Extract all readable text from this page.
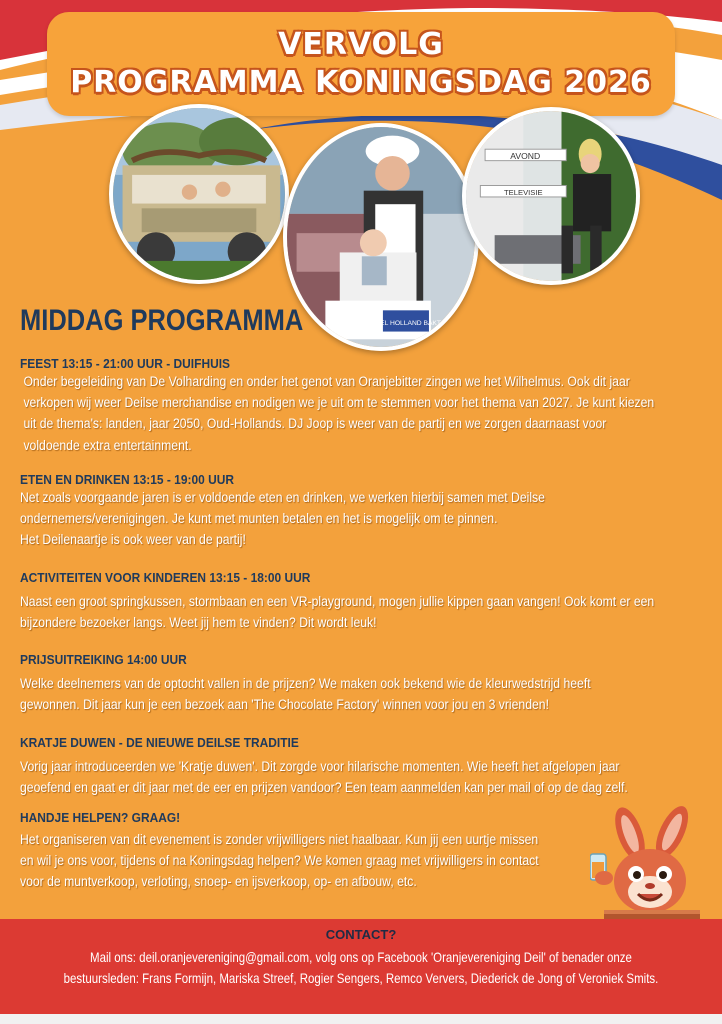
VERVOLG
PROGRAMMA KONINGSDAG 2026
HEEL HOLLAND BAKT
AVOND
TELEVISIE
MIDDAG PROGRAMMA
FEEST 13:15 - 21:00 UUR - DUIFHUIS
Onder begeleiding van De Volharding en onder het genot van Oranjebitter zingen we het Wilhelmus. Ook dit jaar
verkopen wij weer Deilse merchandise en nodigen we je uit om te stemmen voor het thema van 2027. Je kunt kiezen
uit de thema's: landen, jaar 2050, Oud-Hollands. DJ Joop is weer van de partij en we zorgen daarnaast voor
voldoende extra entertainment.
ETEN EN DRINKEN 13:15 - 19:00 UUR
Net zoals voorgaande jaren is er voldoende eten en drinken, we werken hierbij samen met Deilse
ondernemers/verenigingen. Je kunt met munten betalen en het is mogelijk om te pinnen.
Het Deilenaartje is ook weer van de partij!
ACTIVITEITEN VOOR KINDEREN 13:15 - 18:00 UUR
Naast een groot springkussen, stormbaan en een VR-playground, mogen jullie kippen gaan vangen! Ook komt er een
bijzondere bezoeker langs. Weet jij hem te vinden? Dit wordt leuk!
PRIJSUITREIKING 14:00 UUR
Welke deelnemers van de optocht vallen in de prijzen? We maken ook bekend wie de kleurwedstrijd heeft
gewonnen. Dit jaar kun je een bezoek aan 'The Chocolate Factory' winnen voor jou en 3 vrienden!
KRATJE DUWEN - DE NIEUWE DEILSE TRADITIE
Vorig jaar introduceerden we 'Kratje duwen'. Dit zorgde voor hilarische momenten. Wie heeft het afgelopen jaar
geoefend en gaat er dit jaar met de eer en prijzen vandoor? Een team aanmelden kan per mail of op de dag zelf.
HANDJE HELPEN? GRAAG!
Het organiseren van dit evenement is zonder vrijwilligers niet haalbaar. Kun jij een uurtje missen
en wil je ons voor, tijdens of na Koningsdag helpen? We komen graag met vrijwilligers in contact
voor de muntverkoop, verloting, snoep- en ijsverkoop, op- en afbouw, etc.
CONTACT?
Mail ons: deil.oranjevereniging@gmail.com, volg ons op Facebook 'Oranjevereniging Deil' of benader onze
bestuursleden: Frans Formijn, Mariska Streef, Rogier Sengers, Remco Ververs, Diederick de Jong of Veroniek Smits.
